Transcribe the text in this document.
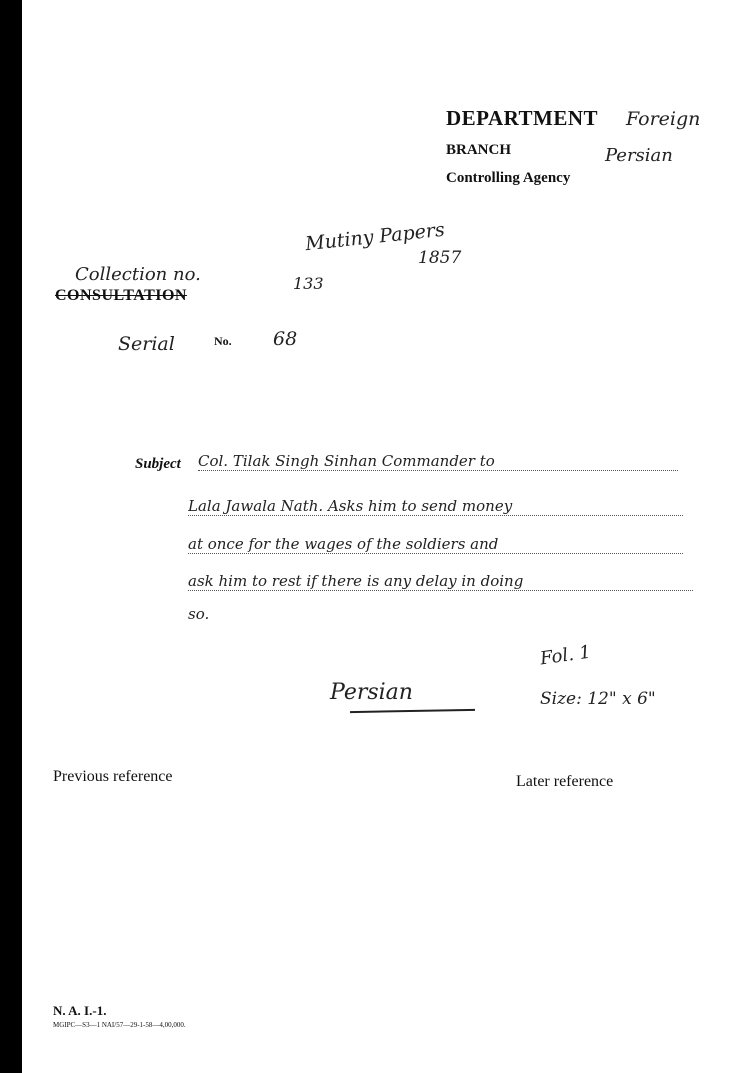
DEPARTMENT Foreign
BRANCH	Persian
Controlling Agency
Mutiny Papers
1857
Collection no.	133
CONSULTATION
Serial	No. 68
Subject Col. Tilak Singh Sinhan Commander to
Lala Jawala Nath. Asks him to send money
at once for the wages of the soldiers and
ask him to rest if there is any delay in doing
so.
Fol. 1
Persian	Size: 12" x 6"
Previous reference	Later reference
N. A. I.-1.
MGIPC—S3—1 NAI/57—29-1-58—4,00,000.
